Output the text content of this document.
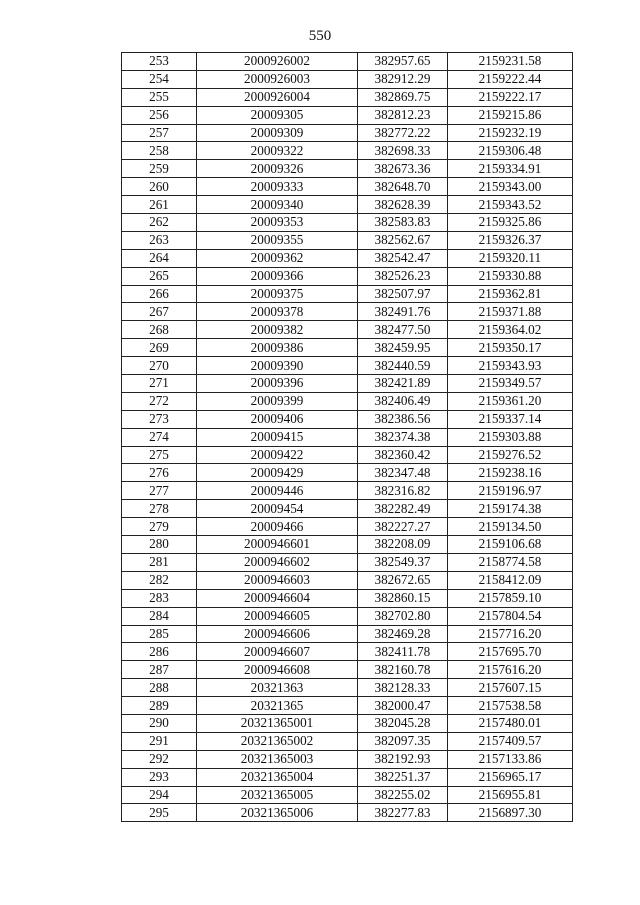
550
253	2000926002	382957.65	2159231.58
254	2000926003	382912.29	2159222.44
255	2000926004	382869.75	2159222.17
256	20009305	382812.23	2159215.86
257	20009309	382772.22	2159232.19
258	20009322	382698.33	2159306.48
259	20009326	382673.36	2159334.91
260	20009333	382648.70	2159343.00
261	20009340	382628.39	2159343.52
262	20009353	382583.83	2159325.86
263	20009355	382562.67	2159326.37
264	20009362	382542.47	2159320.11
265	20009366	382526.23	2159330.88
266	20009375	382507.97	2159362.81
267	20009378	382491.76	2159371.88
268	20009382	382477.50	2159364.02
269	20009386	382459.95	2159350.17
270	20009390	382440.59	2159343.93
271	20009396	382421.89	2159349.57
272	20009399	382406.49	2159361.20
273	20009406	382386.56	2159337.14
274	20009415	382374.38	2159303.88
275	20009422	382360.42	2159276.52
276	20009429	382347.48	2159238.16
277	20009446	382316.82	2159196.97
278	20009454	382282.49	2159174.38
279	20009466	382227.27	2159134.50
280	2000946601	382208.09	2159106.68
281	2000946602	382549.37	2158774.58
282	2000946603	382672.65	2158412.09
283	2000946604	382860.15	2157859.10
284	2000946605	382702.80	2157804.54
285	2000946606	382469.28	2157716.20
286	2000946607	382411.78	2157695.70
287	2000946608	382160.78	2157616.20
288	20321363	382128.33	2157607.15
289	20321365	382000.47	2157538.58
290	20321365001	382045.28	2157480.01
291	20321365002	382097.35	2157409.57
292	20321365003	382192.93	2157133.86
293	20321365004	382251.37	2156965.17
294	20321365005	382255.02	2156955.81
295	20321365006	382277.83	2156897.30
